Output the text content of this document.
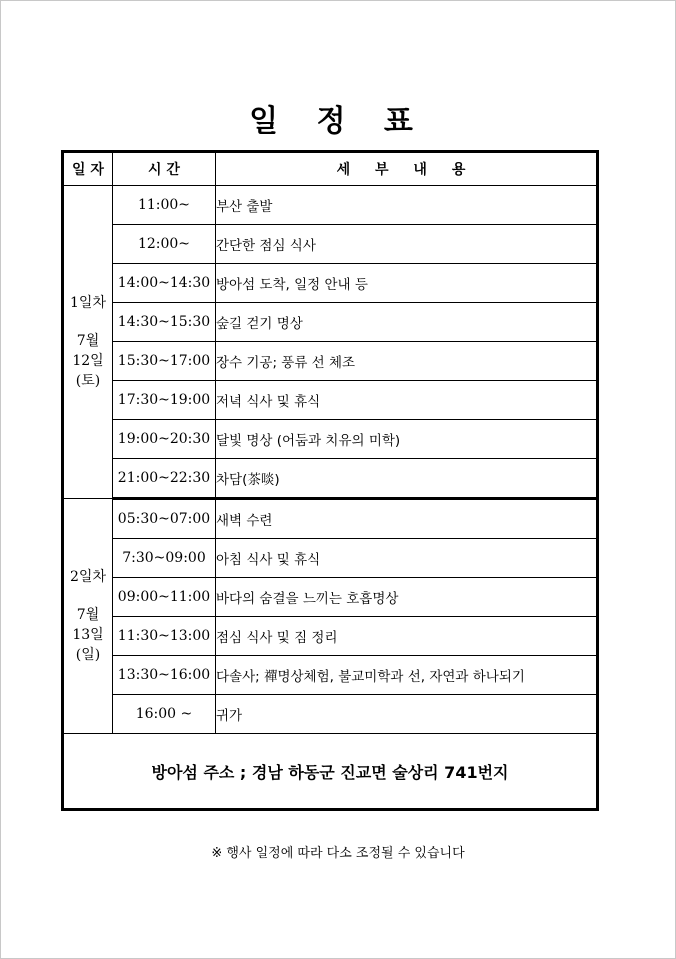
일 정 표
일 자	시 간	세 부 내 용

1일차
7월
12일
(토)	11:00~	부산 출발
	12:00~	간단한 점심 식사
	14:00~14:30	방아섬 도착, 일정 안내 등
	14:30~15:30	숲길 걷기 명상
	15:30~17:00	장수 기공; 풍류 선 체조
	17:30~19:00	저녁 식사 및 휴식
	19:00~20:30	달빛 명상 (어둠과 치유의 미학)
	21:00~22:30	차담(茶啖)

2일차
7월
13일
(일)	05:30~07:00	새벽 수련
	7:30~09:00	아침 식사 및 휴식
	09:00~11:00	바다의 숨결을 느끼는 호흡명상
	11:30~13:00	점심 식사 및 짐 정리
	13:30~16:00	다솔사; 禪명상체험, 불교미학과 선, 자연과 하나되기
	16:00 ~	귀가
방아섬 주소 ; 경남 하동군 진교면 술상리 741번지		
※ 행사 일정에 따라 다소 조정될 수 있습니다
